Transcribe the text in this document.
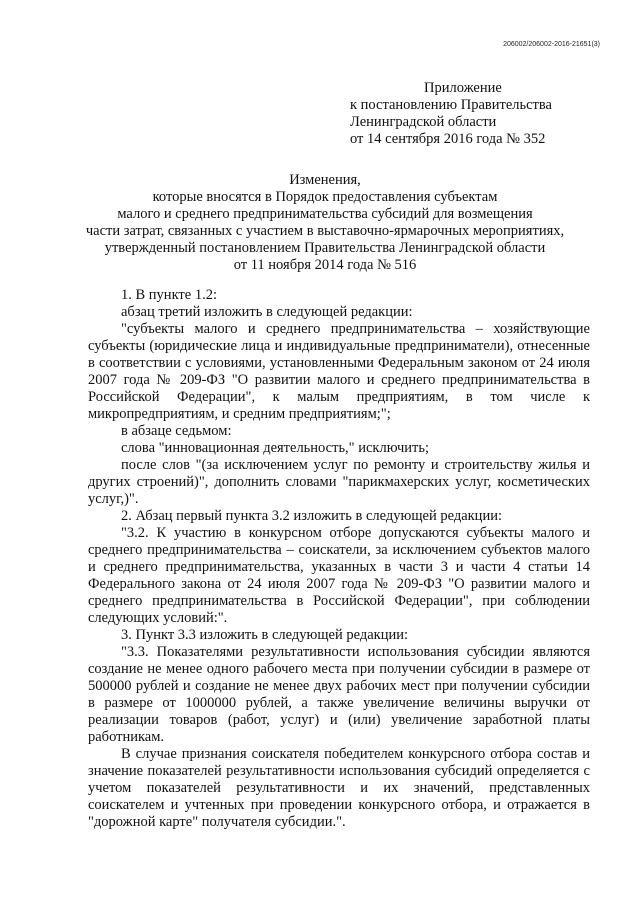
206002/206002-2016-21651(3)
Приложение
к постановлению Правительства
Ленинградской области
от 14 сентября 2016 года № 352
Изменения,
которые вносятся в Порядок предоставления субъектам
малого и среднего предпринимательства субсидий для возмещения
части затрат, связанных с участием в выставочно-ярмарочных мероприятиях,
утвержденный постановлением Правительства Ленинградской области
от 11 ноября 2014 года № 516

1. В пункте 1.2:

абзац третий изложить в следующей редакции:

"субъекты малого и среднего предпринимательства – хозяйствующие субъекты (юридические лица и индивидуальные предприниматели), отнесенные в соответствии с условиями, установленными Федеральным законом от 24 июля 2007 года № 209-ФЗ "О развитии малого и среднего предпринимательства в Российской Федерации", к малым предприятиям, в том числе к микропредприятиям, и средним предприятиям;";

в абзаце седьмом:

слова "инновационная деятельность," исключить;

после слов "(за исключением услуг по ремонту и строительству жилья и других строений)", дополнить словами "парикмахерских услуг, косметических услуг,)".

2. Абзац первый пункта 3.2 изложить в следующей редакции:

"3.2. К участию в конкурсном отборе допускаются субъекты малого и среднего предпринимательства – соискатели, за исключением субъектов малого и среднего предпринимательства, указанных в части 3 и части 4 статьи 14 Федерального закона от 24 июля 2007 года № 209-ФЗ "О развитии малого и среднего предпринимательства в Российской Федерации", при соблюдении следующих условий:".

3. Пункт 3.3 изложить в следующей редакции:

"3.3. Показателями результативности использования субсидии являются создание не менее одного рабочего места при получении субсидии в размере от 500000 рублей и создание не менее двух рабочих мест при получении субсидии в размере от 1000000 рублей, а также увеличение величины выручки от реализации товаров (работ, услуг) и (или) увеличение заработной платы работникам.

В случае признания соискателя победителем конкурсного отбора состав и значение показателей результативности использования субсидий определяется с учетом показателей результативности и их значений, представленных соискателем и учтенных при проведении конкурсного отбора, и отражается в "дорожной карте" получателя субсидии.".
